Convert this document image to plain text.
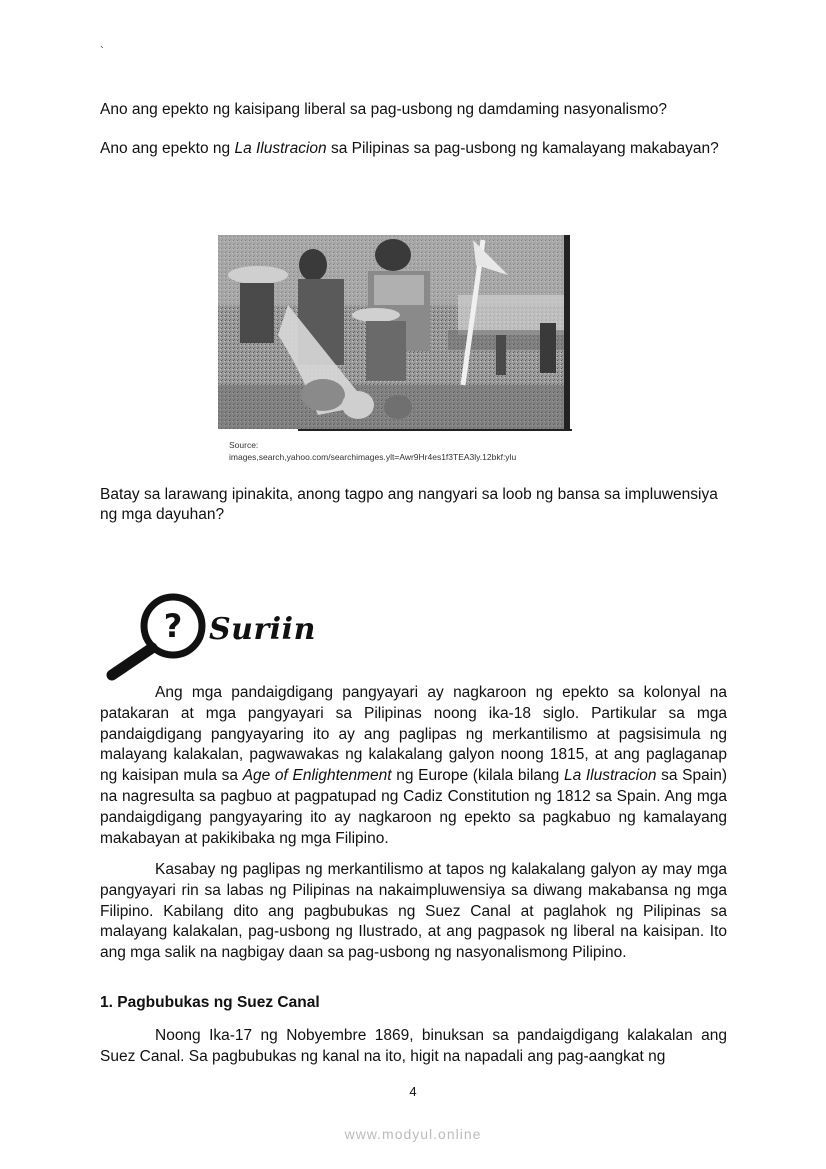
`
Ano ang epekto ng kaisipang liberal sa pag-usbong ng damdaming nasyonalismo?
Ano ang epekto ng La Ilustracion sa Pilipinas sa pag-usbong ng kamalayang makabayan?
Source:
images,search,yahoo.com/searchimages.ylt=Awr9Hr4es1f3TEA3ly.12bkf:ylu
Batay sa larawang ipinakita, anong tagpo ang nangyari sa loob ng bansa sa impluwensiya ng mga dayuhan?
? Suriin
Ang mga pandaigdigang pangyayari ay nagkaroon ng epekto sa kolonyal na patakaran at mga pangyayari sa Pilipinas noong ika-18 siglo. Partikular sa mga pandaigdigang pangyayaring ito ay ang paglipas ng merkantilismo at pagsisimula ng malayang kalakalan, pagwawakas ng kalakalang galyon noong 1815, at ang paglaganap ng kaisipan mula sa Age of Enlightenment ng Europe (kilala bilang La Ilustracion sa Spain) na nagresulta sa pagbuo at pagpatupad ng Cadiz Constitution ng 1812 sa Spain. Ang mga pandaigdigang pangyayaring ito ay nagkaroon ng epekto sa pagkabuo ng kamalayang makabayan at pakikibaka ng mga Filipino.
Kasabay ng paglipas ng merkantilismo at tapos ng kalakalang galyon ay may mga pangyayari rin sa labas ng Pilipinas na nakaimpluwensiya sa diwang makabansa ng mga Filipino. Kabilang dito ang pagbubukas ng Suez Canal at paglahok ng Pilipinas sa malayang kalakalan, pag-usbong ng Ilustrado, at ang pagpasok ng liberal na kaisipan. Ito ang mga salik na nagbigay daan sa pag-usbong ng nasyonalismong Pilipino.
1. Pagbubukas ng Suez Canal
Noong Ika-17 ng Nobyembre 1869, binuksan sa pandaigdigang kalakalan ang Suez Canal. Sa pagbubukas ng kanal na ito, higit na napadali ang pag-aangkat ng
4
www.modyul.online
